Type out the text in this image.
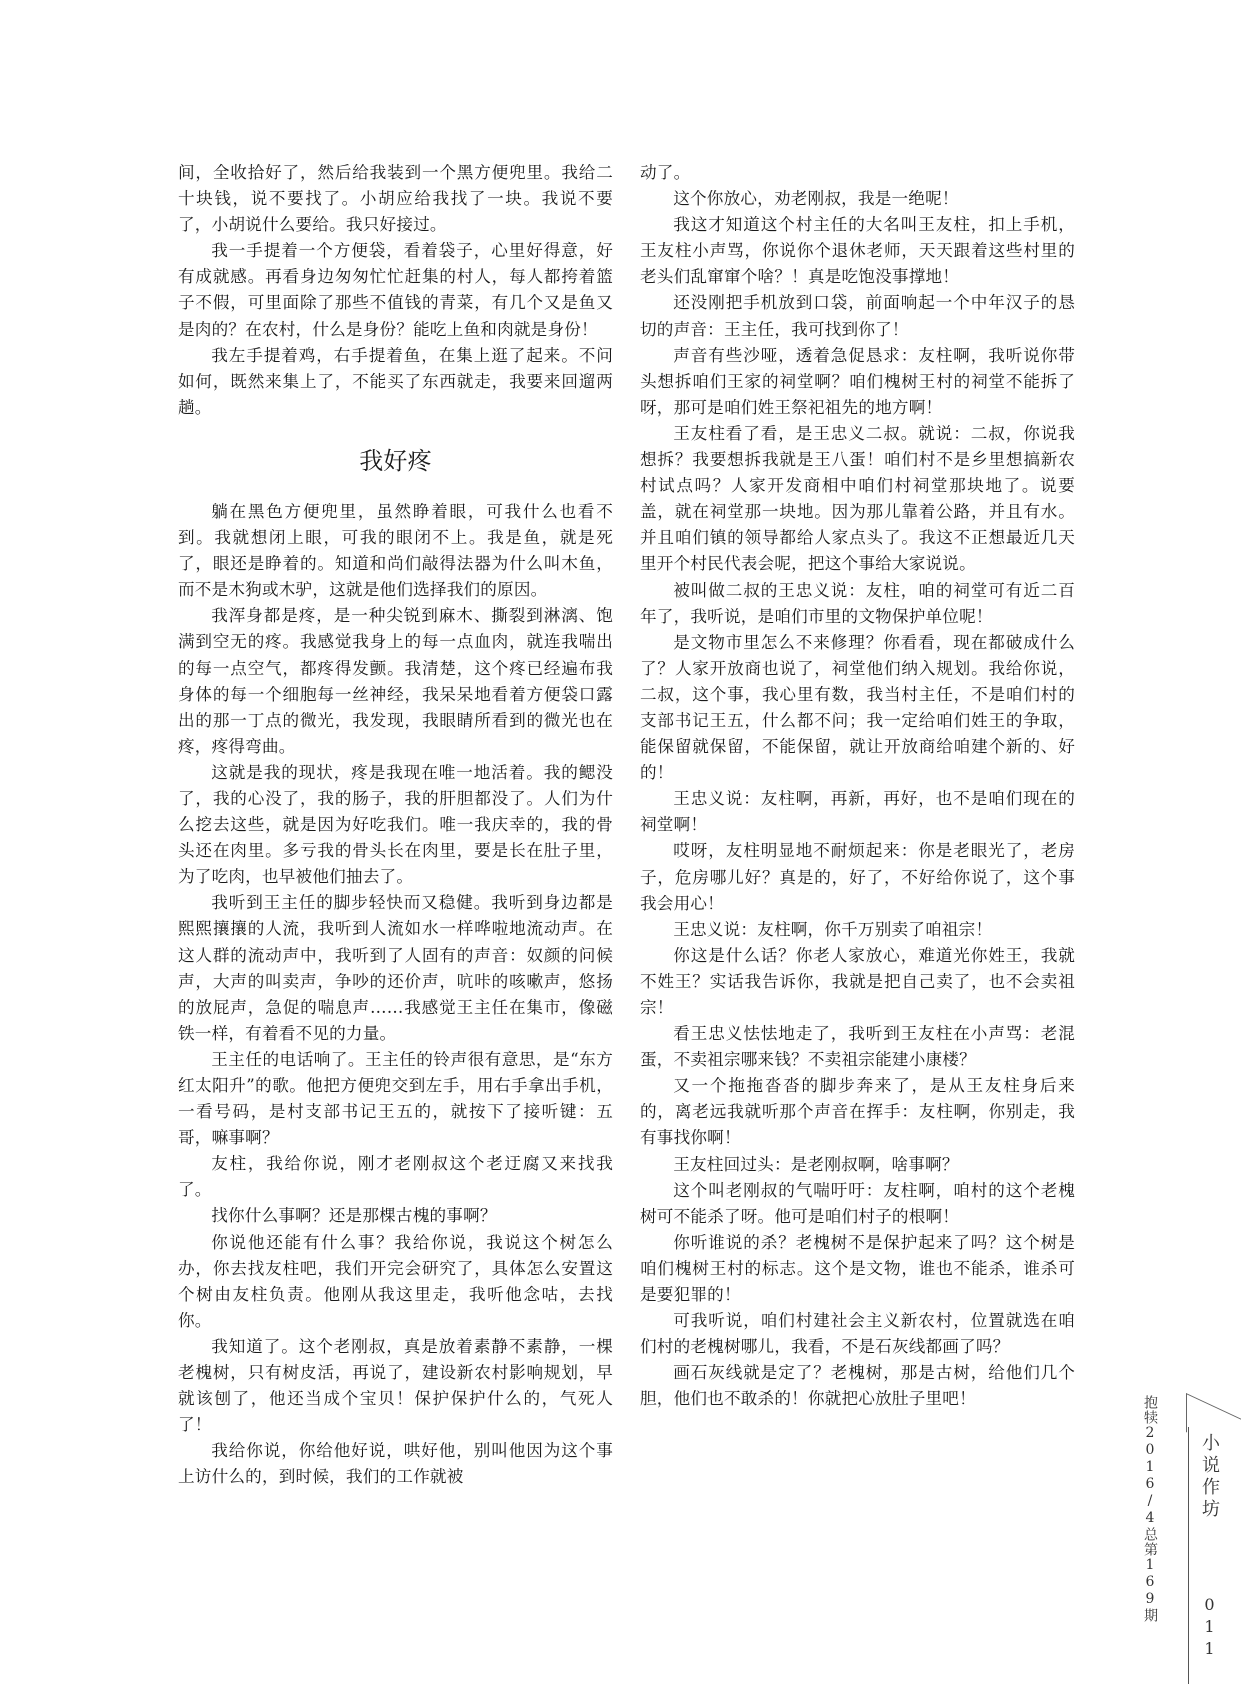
间，全收拾好了，然后给我装到一个黑方便兜里。我给二十块钱，说不要找了。小胡应给我找了一块。我说不要了，小胡说什么要给。我只好接过。

我一手提着一个方便袋，看着袋子，心里好得意，好有成就感。再看身边匆匆忙忙赶集的村人，每人都挎着篮子不假，可里面除了那些不值钱的青菜，有几个又是鱼又是肉的？在农村，什么是身份？能吃上鱼和肉就是身份！

我左手提着鸡，右手提着鱼，在集上逛了起来。不问如何，既然来集上了，不能买了东西就走，我要来回遛两趟。

我好疼

躺在黑色方便兜里，虽然睁着眼，可我什么也看不到。我就想闭上眼，可我的眼闭不上。我是鱼，就是死了，眼还是睁着的。知道和尚们敲得法器为什么叫木鱼，而不是木狗或木驴，这就是他们选择我们的原因。

我浑身都是疼，是一种尖锐到麻木、撕裂到淋漓、饱满到空无的疼。我感觉我身上的每一点血肉，就连我喘出的每一点空气，都疼得发颤。我清楚，这个疼已经遍布我身体的每一个细胞每一丝神经，我呆呆地看着方便袋口露出的那一丁点的微光，我发现，我眼睛所看到的微光也在疼，疼得弯曲。

这就是我的现状，疼是我现在唯一地活着。我的鳃没了，我的心没了，我的肠子，我的肝胆都没了。人们为什么挖去这些，就是因为好吃我们。唯一我庆幸的，我的骨头还在肉里。多亏我的骨头长在肉里，要是长在肚子里，为了吃肉，也早被他们抽去了。

我听到王主任的脚步轻快而又稳健。我听到身边都是熙熙攘攘的人流，我听到人流如水一样哗啦地流动声。在这人群的流动声中，我听到了人固有的声音：奴颜的问候声，大声的叫卖声，争吵的还价声，吭咔的咳嗽声，悠扬的放屁声，急促的喘息声……我感觉王主任在集市，像磁铁一样，有着看不见的力量。

王主任的电话响了。王主任的铃声很有意思，是“东方红太阳升”的歌。他把方便兜交到左手，用右手拿出手机，一看号码，是村支部书记王五的，就按下了接听键：五哥，嘛事啊？

友柱，我给你说，刚才老刚叔这个老迂腐又来找我了。

找你什么事啊？还是那棵古槐的事啊？

你说他还能有什么事？我给你说，我说这个树怎么办，你去找友柱吧，我们开完会研究了，具体怎么安置这个树由友柱负责。他刚从我这里走，我听他念咕，去找你。

我知道了。这个老刚叔，真是放着素静不素静，一棵老槐树，只有树皮活，再说了，建设新农村影响规划，早就该刨了，他还当成个宝贝！保护保护什么的，气死人了！

我给你说，你给他好说，哄好他，别叫他因为这个事上访什么的，到时候，我们的工作就被

动了。

这个你放心，劝老刚叔，我是一绝呢！

我这才知道这个村主任的大名叫王友柱，扣上手机，王友柱小声骂，你说你个退休老师，天天跟着这些村里的老头们乱窜窜个啥？！真是吃饱没事撑地！

还没刚把手机放到口袋，前面响起一个中年汉子的恳切的声音：王主任，我可找到你了！

声音有些沙哑，透着急促恳求：友柱啊，我听说你带头想拆咱们王家的祠堂啊？咱们槐树王村的祠堂不能拆了呀，那可是咱们姓王祭祀祖先的地方啊！

王友柱看了看，是王忠义二叔。就说：二叔，你说我想拆？我要想拆我就是王八蛋！咱们村不是乡里想搞新农村试点吗？人家开发商相中咱们村祠堂那块地了。说要盖，就在祠堂那一块地。因为那儿靠着公路，并且有水。并且咱们镇的领导都给人家点头了。我这不正想最近几天里开个村民代表会呢，把这个事给大家说说。

被叫做二叔的王忠义说：友柱，咱的祠堂可有近二百年了，我听说，是咱们市里的文物保护单位呢！

是文物市里怎么不来修理？你看看，现在都破成什么了？人家开放商也说了，祠堂他们纳入规划。我给你说，二叔，这个事，我心里有数，我当村主任，不是咱们村的支部书记王五，什么都不问；我一定给咱们姓王的争取，能保留就保留，不能保留，就让开放商给咱建个新的、好的！

王忠义说：友柱啊，再新，再好，也不是咱们现在的祠堂啊！

哎呀，友柱明显地不耐烦起来：你是老眼光了，老房子，危房哪儿好？真是的，好了，不好给你说了，这个事我会用心！

王忠义说：友柱啊，你千万别卖了咱祖宗！

你这是什么话？你老人家放心，难道光你姓王，我就不姓王？实话我告诉你，我就是把自己卖了，也不会卖祖宗！

看王忠义怯怯地走了，我听到王友柱在小声骂：老混蛋，不卖祖宗哪来钱？不卖祖宗能建小康楼？

又一个拖拖沓沓的脚步奔来了，是从王友柱身后来的，离老远我就听那个声音在挥手：友柱啊，你别走，我有事找你啊！

王友柱回过头：是老刚叔啊，啥事啊？

这个叫老刚叔的气喘吁吁：友柱啊，咱村的这个老槐树可不能杀了呀。他可是咱们村子的根啊！

你听谁说的杀？老槐树不是保护起来了吗？这个树是咱们槐树王村的标志。这个是文物，谁也不能杀，谁杀可是要犯罪的！

可我听说，咱们村建社会主义新农村，位置就选在咱们村的老槐树哪儿，我看，不是石灰线都画了吗？

画石灰线就是定了？老槐树，那是古树，给他们几个胆，他们也不敢杀的！你就把心放肚子里吧！	抱犊2016/4
总第169期
小说作坊
011
